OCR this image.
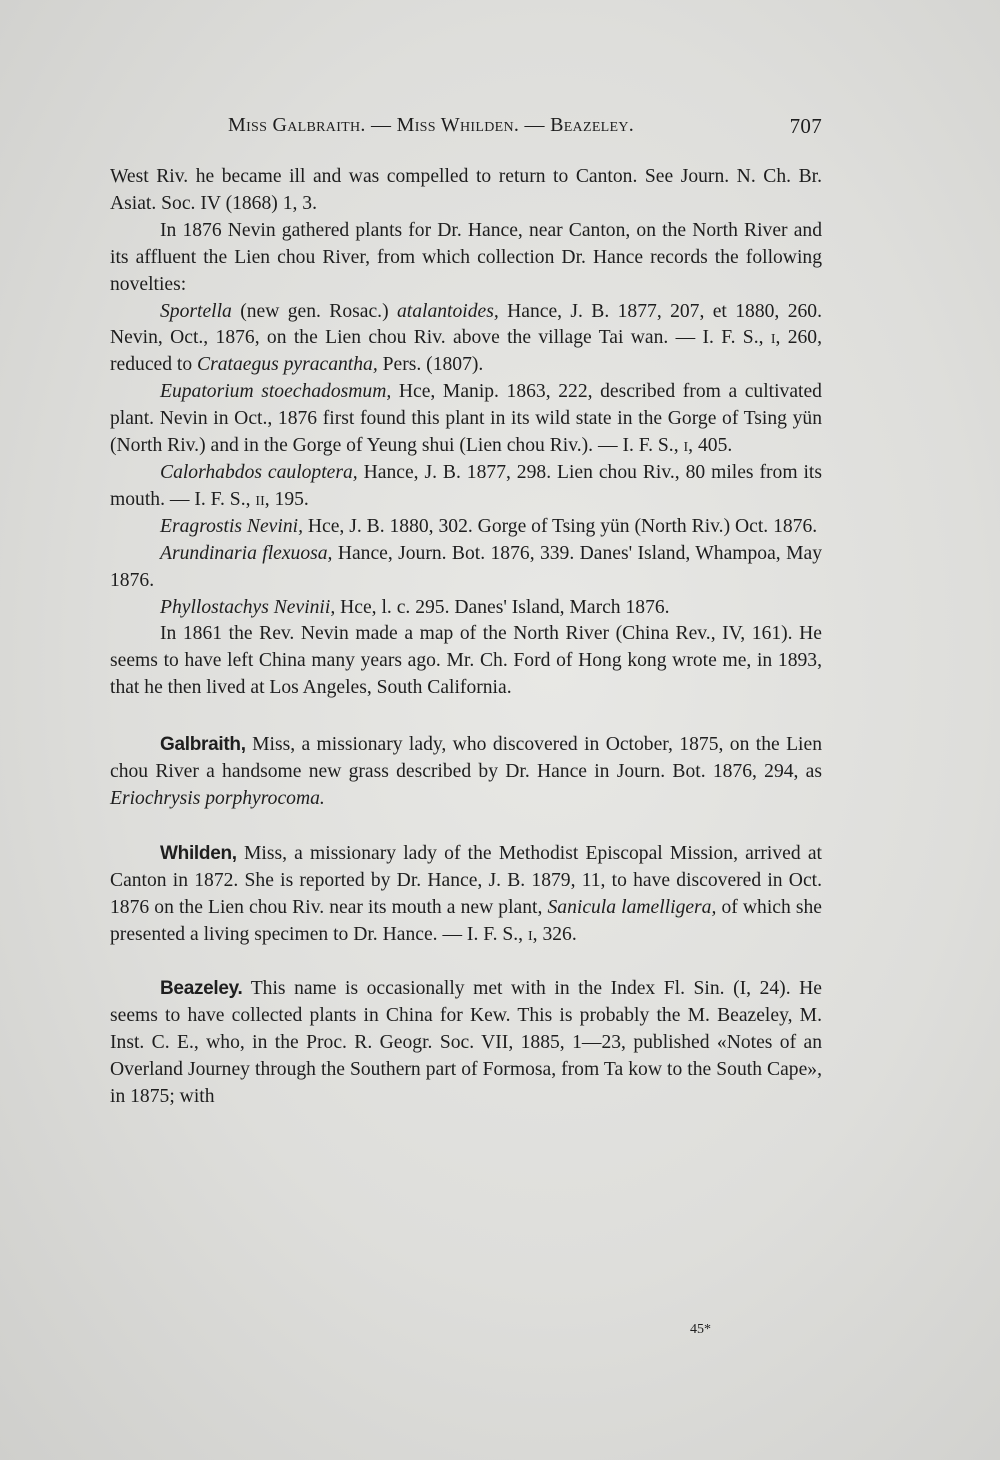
Miss Galbraith. — Miss Whilden. — Beazeley.	707

West Riv. he became ill and was compelled to return to Canton. See Journ. N. Ch. Br. Asiat. Soc. IV (1868) 1, 3.

In 1876 Nevin gathered plants for Dr. Hance, near Canton, on the North River and its affluent the Lien chou River, from which collection Dr. Hance records the following novelties:

Sportella (new gen. Rosac.) atalantoides, Hance, J. B. 1877, 207, et 1880, 260. Nevin, Oct., 1876, on the Lien chou Riv. above the village Tai wan. — I. F. S., i, 260, reduced to Crataegus pyracantha, Pers. (1807).

Eupatorium stoechadosmum, Hce, Manip. 1863, 222, described from a cultivated plant. Nevin in Oct., 1876 first found this plant in its wild state in the Gorge of Tsing yün (North Riv.) and in the Gorge of Yeung shui (Lien chou Riv.). — I. F. S., i, 405.

Calorhabdos cauloptera, Hance, J. B. 1877, 298. Lien chou Riv., 80 miles from its mouth. — I. F. S., ii, 195.

Eragrostis Nevini, Hce, J. B. 1880, 302. Gorge of Tsing yün (North Riv.) Oct. 1876.

Arundinaria flexuosa, Hance, Journ. Bot. 1876, 339. Danes' Island, Whampoa, May 1876.

Phyllostachys Nevinii, Hce, l. c. 295. Danes' Island, March 1876.

In 1861 the Rev. Nevin made a map of the North River (China Rev., IV, 161). He seems to have left China many years ago. Mr. Ch. Ford of Hong kong wrote me, in 1893, that he then lived at Los Angeles, South California.

Galbraith, Miss, a missionary lady, who discovered in October, 1875, on the Lien chou River a handsome new grass described by Dr. Hance in Journ. Bot. 1876, 294, as Eriochrysis porphyrocoma.

Whilden, Miss, a missionary lady of the Methodist Episcopal Mission, arrived at Canton in 1872. She is reported by Dr. Hance, J. B. 1879, 11, to have discovered in Oct. 1876 on the Lien chou Riv. near its mouth a new plant, Sanicula lamelligera, of which she presented a living specimen to Dr. Hance. — I. F. S., i, 326.

Beazeley. This name is occasionally met with in the Index Fl. Sin. (I, 24). He seems to have collected plants in China for Kew. This is probably the M. Beazeley, M. Inst. C. E., who, in the Proc. R. Geogr. Soc. VII, 1885, 1—23, published «Notes of an Overland Journey through the Southern part of Formosa, from Ta kow to the South Cape», in 1875; with

45*
